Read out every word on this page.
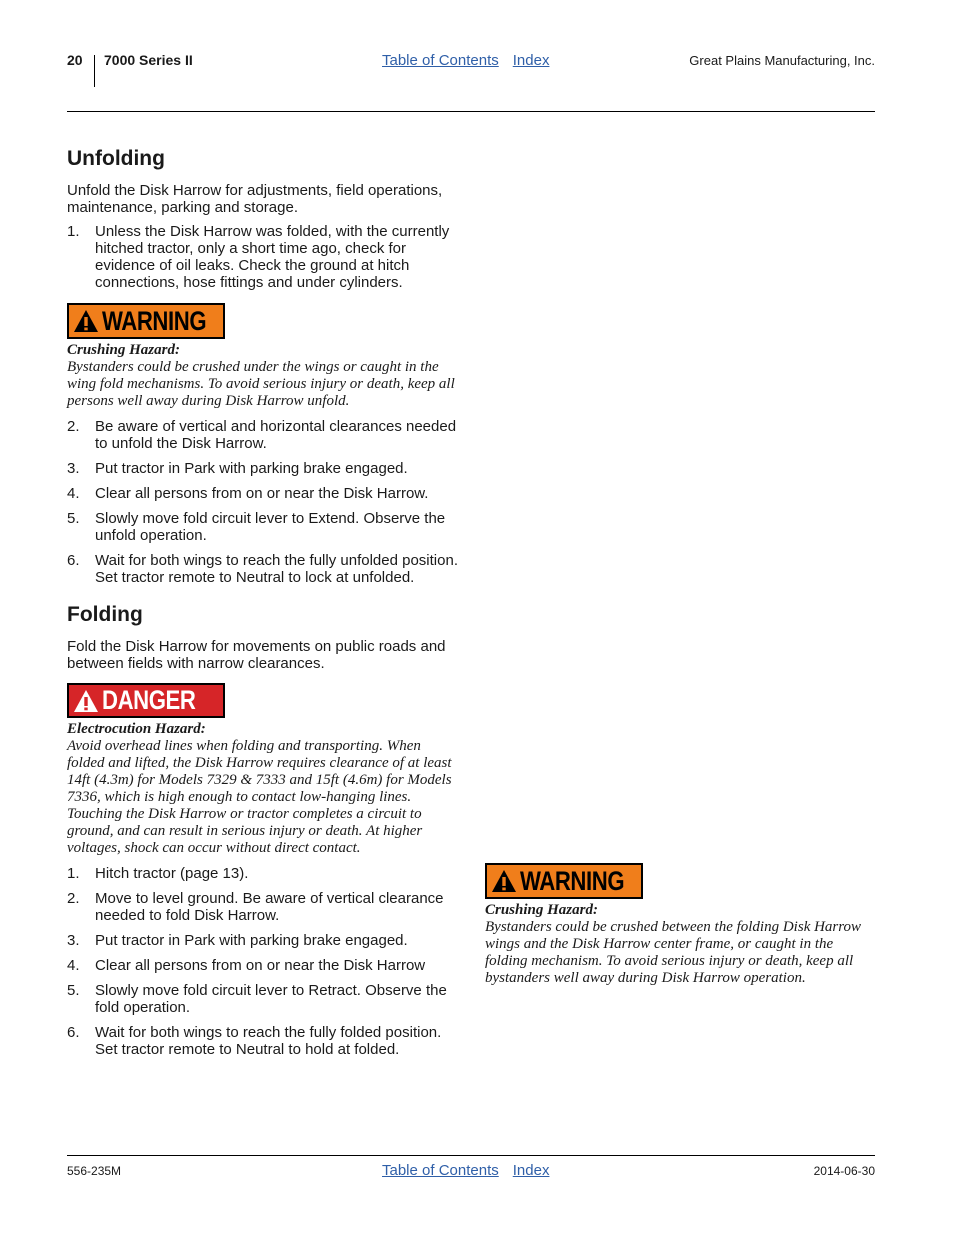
20 7000 Series II	Table of Contents Index	Great Plains Manufacturing, Inc.
Unfolding

Unfold the Disk Harrow for adjustments, field operations, maintenance, parking and storage.

1. Unless the Disk Harrow was folded, with the currently hitched tractor, only a short time ago, check for evidence of oil leaks. Check the ground at hitch connections, hose fittings and under cylinders.
WARNING
Crushing Hazard:
Bystanders could be crushed under the wings or caught in the wing fold mechanisms. To avoid serious injury or death, keep all persons well away during Disk Harrow unfold.
2. Be aware of vertical and horizontal clearances needed to unfold the Disk Harrow.
3. Put tractor in Park with parking brake engaged.
4. Clear all persons from on or near the Disk Harrow.
5. Slowly move fold circuit lever to Extend. Observe the unfold operation.
6. Wait for both wings to reach the fully unfolded position. Set tractor remote to Neutral to lock at unfolded.
Folding

Fold the Disk Harrow for movements on public roads and between fields with narrow clearances.

DANGER
Electrocution Hazard:
Avoid overhead lines when folding and transporting. When folded and lifted, the Disk Harrow requires clearance of at least 14ft (4.3m) for Models 7329 & 7333 and 15ft (4.6m) for Models 7336, which is high enough to contact low-hanging lines. Touching the Disk Harrow or tractor completes a circuit to ground, and can result in serious injury or death. At higher voltages, shock can occur without direct contact.
1. Hitch tractor (page 13).
2. Move to level ground. Be aware of vertical clearance needed to fold Disk Harrow.
3. Put tractor in Park with parking brake engaged.
4. Clear all persons from on or near the Disk Harrow
5. Slowly move fold circuit lever to Retract. Observe the fold operation.
6. Wait for both wings to reach the fully folded position. Set tractor remote to Neutral to hold at folded.
WARNING
Crushing Hazard:
Bystanders could be crushed between the folding Disk Harrow wings and the Disk Harrow center frame, or caught in the folding mechanism. To avoid serious injury or death, keep all bystanders well away during Disk Harrow operation.
556-235M	Table of Contents Index	2014-06-30
